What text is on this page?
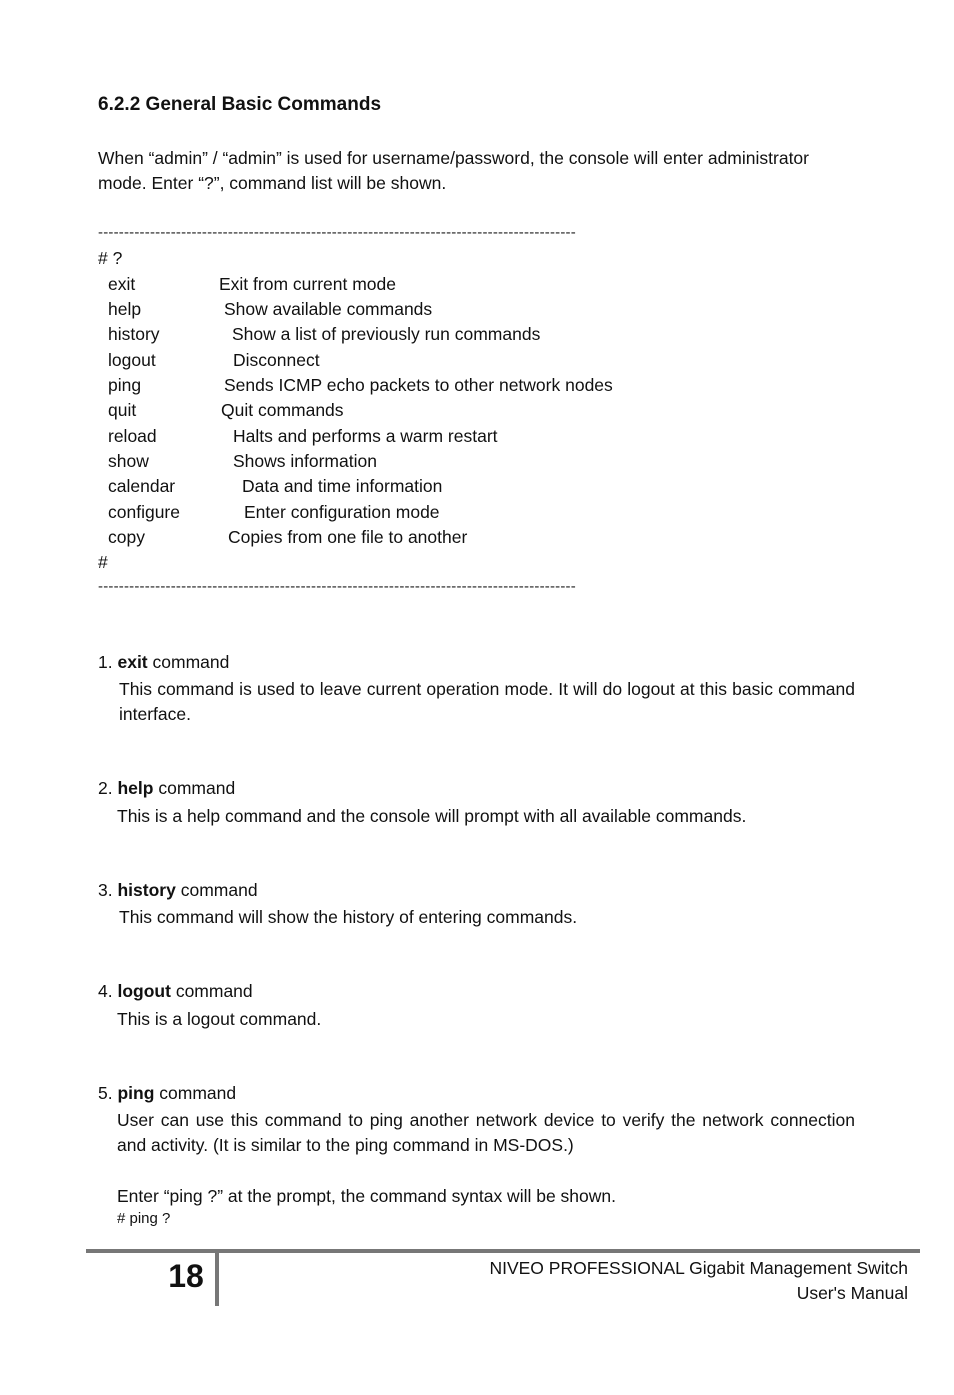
6.2.2 General Basic Commands
When “admin” / “admin” is used for username/password, the console will enter administrator mode. Enter “?”, command list will be shown.
--------------------------------------------------------------------------------------------
# ?
exit	Exit from current mode
help	Show available commands
history	Show a list of previously run commands
logout	Disconnect
ping	Sends ICMP echo packets to other network nodes
quit	Quit commands
reload	Halts and performs a warm restart
show	Shows information
calendar	Data and time information
configure	Enter configuration mode
copy	Copies from one file to another
#
--------------------------------------------------------------------------------------------
1. exit command
This command is used to leave current operation mode. It will do logout at this basic command interface.
2. help command
This is a help command and the console will prompt with all available commands.
3. history command
This command will show the history of entering commands.
4. logout command
This is a logout command.
5. ping command
User can use this command to ping another network device to verify the network connection and activity. (It is similar to the ping command in MS-DOS.)
Enter “ping ?” at the prompt, the command syntax will be shown.
# ping ?
18	NIVEO PROFESSIONAL Gigabit Management Switch
User's Manual
